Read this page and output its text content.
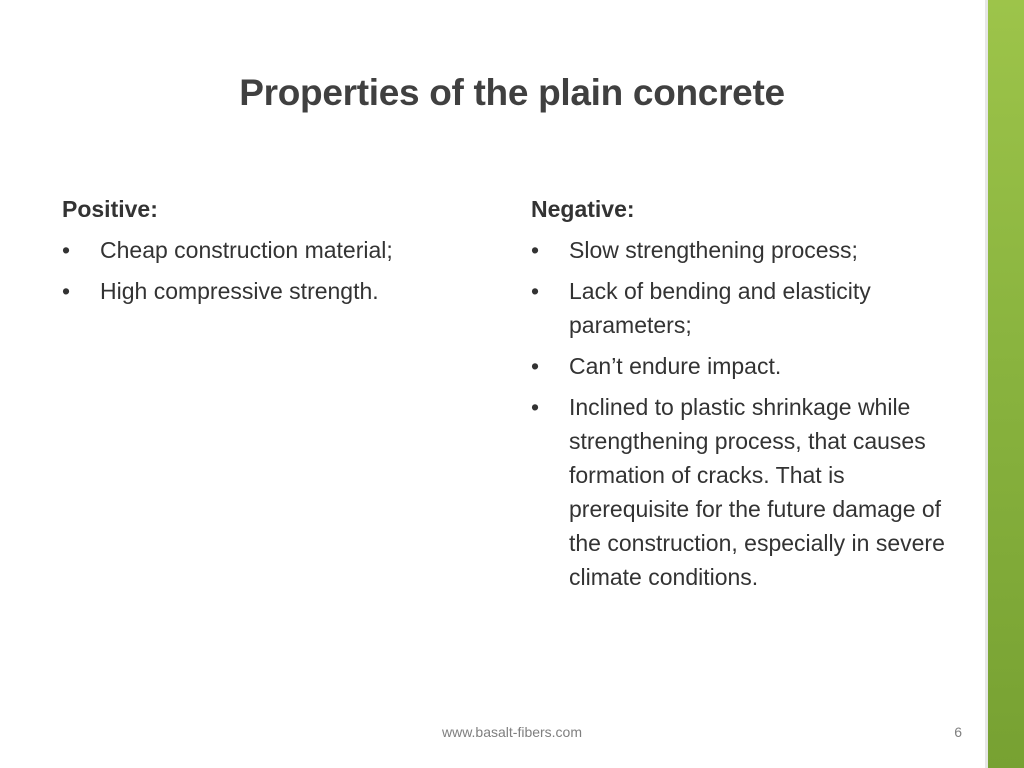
Properties of the plain concrete
Positive:
• Cheap construction material;
• High compressive strength.
Negative:
• Slow strengthening process;
• Lack of bending and elasticity parameters;
• Can’t endure impact.
• Inclined to plastic shrinkage while strengthening process, that causes formation of cracks. That is prerequisite for the future damage of the construction, especially in severe climate conditions.
www.basalt-fibers.com	6
